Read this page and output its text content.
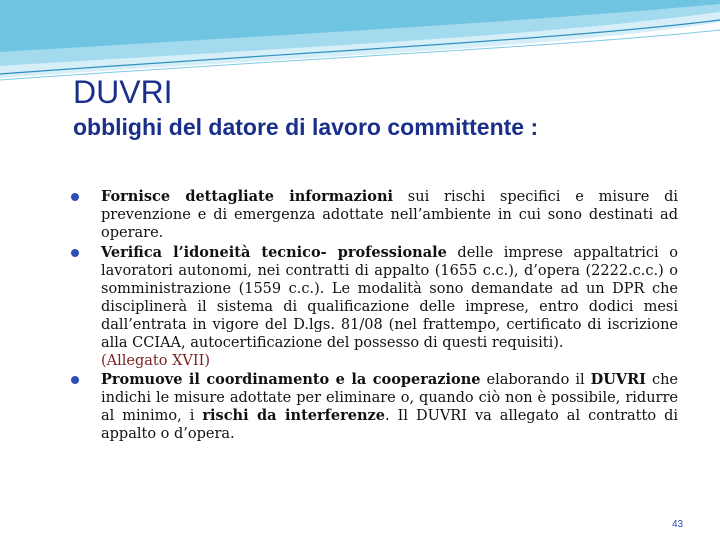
DUVRI
obblighi del datore di lavoro committente :
Fornisce dettagliate informazioni sui rischi specifici e misure di prevenzione e di emergenza adottate nell’ambiente in cui sono destinati ad operare.
Verifica l’idoneità tecnico- professionale delle imprese appaltatrici o lavoratori autonomi, nei contratti di appalto (1655 c.c.), d’opera (2222.c.c.) o somministrazione (1559 c.c.). Le modalità sono demandate ad un DPR che disciplinerà il sistema di qualificazione delle imprese, entro dodici mesi dall’entrata in vigore del D.lgs. 81/08 (nel frattempo, certificato di iscrizione alla CCIAA, autocertificazione del possesso di questi requisiti).
(Allegato XVII)
Promuove il coordinamento e la cooperazione elaborando il DUVRI che indichi le misure adottate per eliminare o, quando ciò non è possibile, ridurre al minimo, i rischi da interferenze. Il DUVRI va allegato al contratto di appalto o d’opera.
43
